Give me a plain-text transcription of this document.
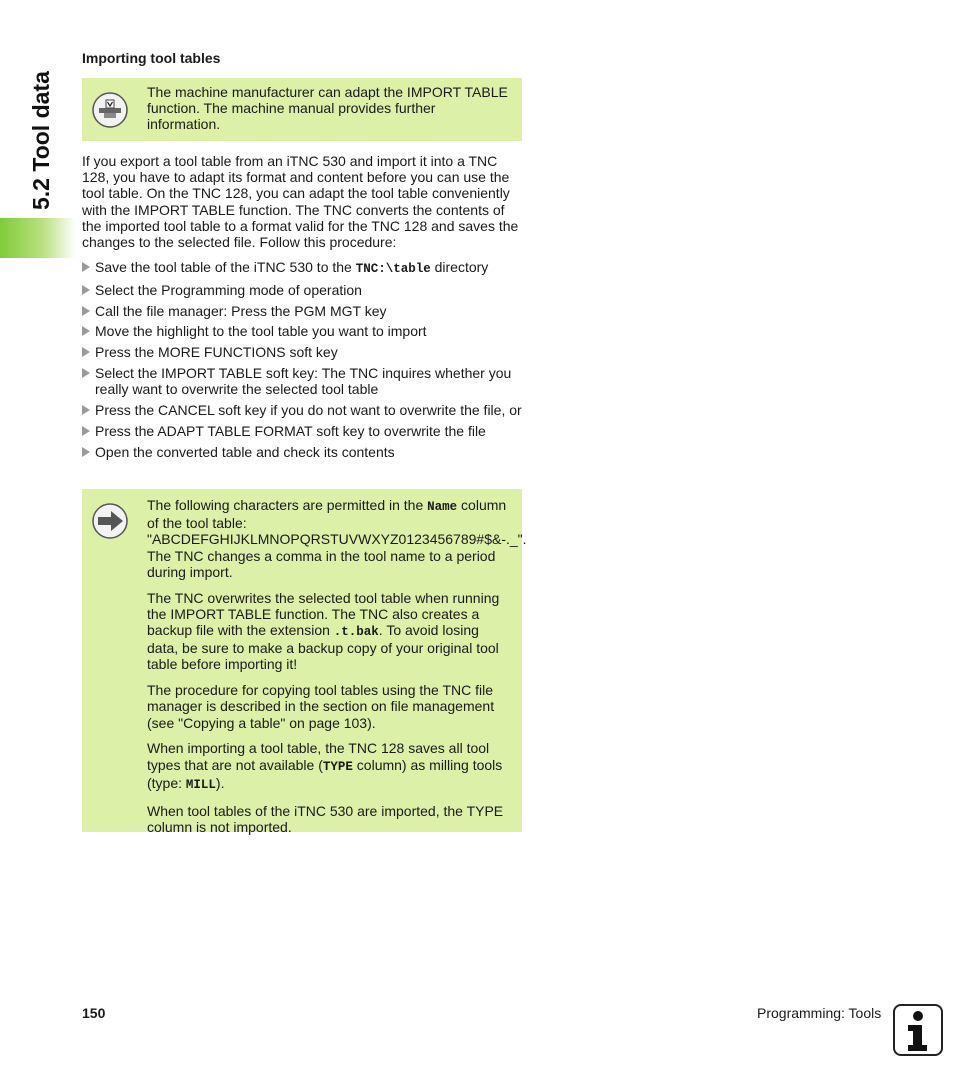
5.2 Tool data
Importing tool tables

The machine manufacturer can adapt the IMPORT TABLE function. The machine manual provides further information.

If you export a tool table from an iTNC 530 and import it into a TNC 128, you have to adapt its format and content before you can use the tool table. On the TNC 128, you can adapt the tool table conveniently with the IMPORT TABLE function. The TNC converts the contents of the imported tool table to a format valid for the TNC 128 and saves the changes to the selected file. Follow this procedure:

Save the tool table of the iTNC 530 to the TNC:\table directory
Select the Programming mode of operation
Call the file manager: Press the PGM MGT key
Move the highlight to the tool table you want to import
Press the MORE FUNCTIONS soft key
Select the IMPORT TABLE soft key: The TNC inquires whether you really want to overwrite the selected tool table
Press the CANCEL soft key if you do not want to overwrite the file, or
Press the ADAPT TABLE FORMAT soft key to overwrite the file
Open the converted table and check its contents

The following characters are permitted in the Name column of the tool table: "ABCDEFGHIJKLMNOPQRSTUVWXYZ0123456789#$&-._". The TNC changes a comma in the tool name to a period during import.

The TNC overwrites the selected tool table when running the IMPORT TABLE function. The TNC also creates a backup file with the extension .t.bak. To avoid losing data, be sure to make a backup copy of your original tool table before importing it!

The procedure for copying tool tables using the TNC file manager is described in the section on file management (see "Copying a table" on page 103).

When importing a tool table, the TNC 128 saves all tool types that are not available (TYPE column) as milling tools (type: MILL).

When tool tables of the iTNC 530 are imported, the TYPE column is not imported.

150	Programming: Tools
